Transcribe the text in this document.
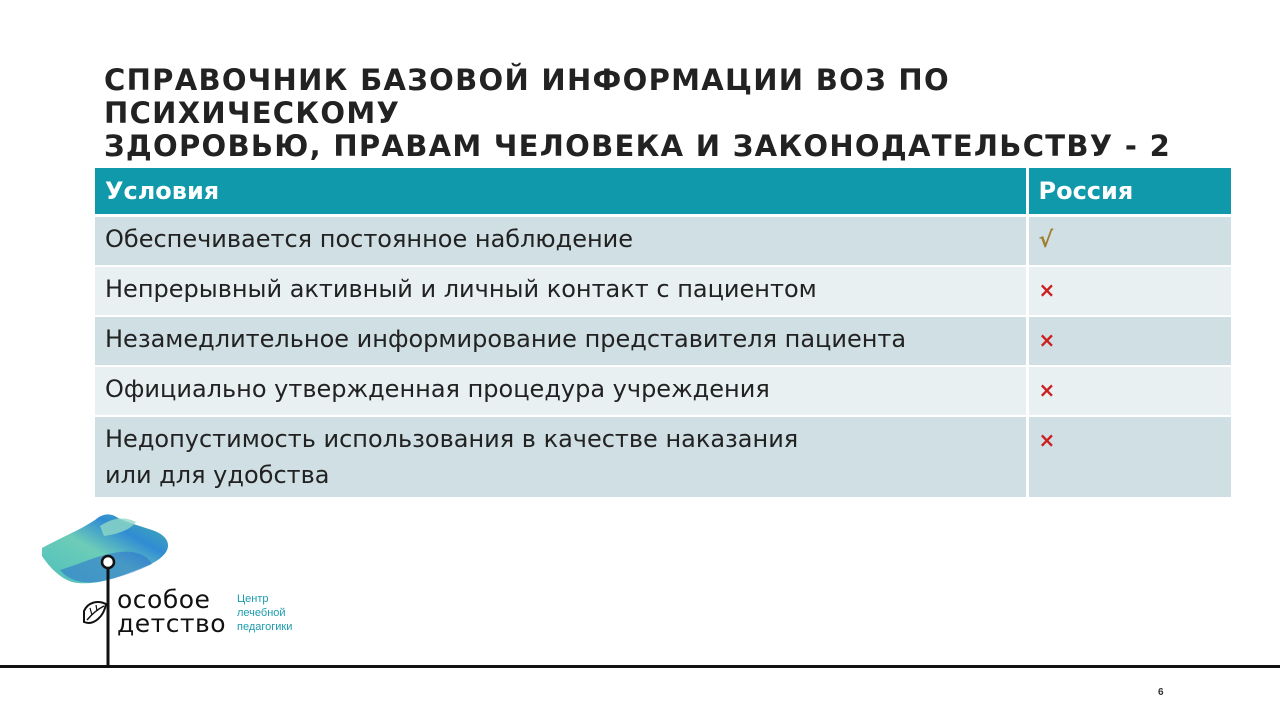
СПРАВОЧНИК БАЗОВОЙ ИНФОРМАЦИИ ВОЗ ПО ПСИХИЧЕСКОМУ
ЗДОРОВЬЮ, ПРАВАМ ЧЕЛОВЕКА И ЗАКОНОДАТЕЛЬСТВУ - 2
Условия	Россия
Обеспечивается постоянное наблюдение	√
Непрерывный активный и личный контакт с пациентом	×
Незамедлительное информирование представителя пациента	×
Официально утвержденная процедура учреждения	×

Недопустимость использования в качестве наказания
или для удобства	×
особое
детство
Центр
лечебной
педагогики
6
